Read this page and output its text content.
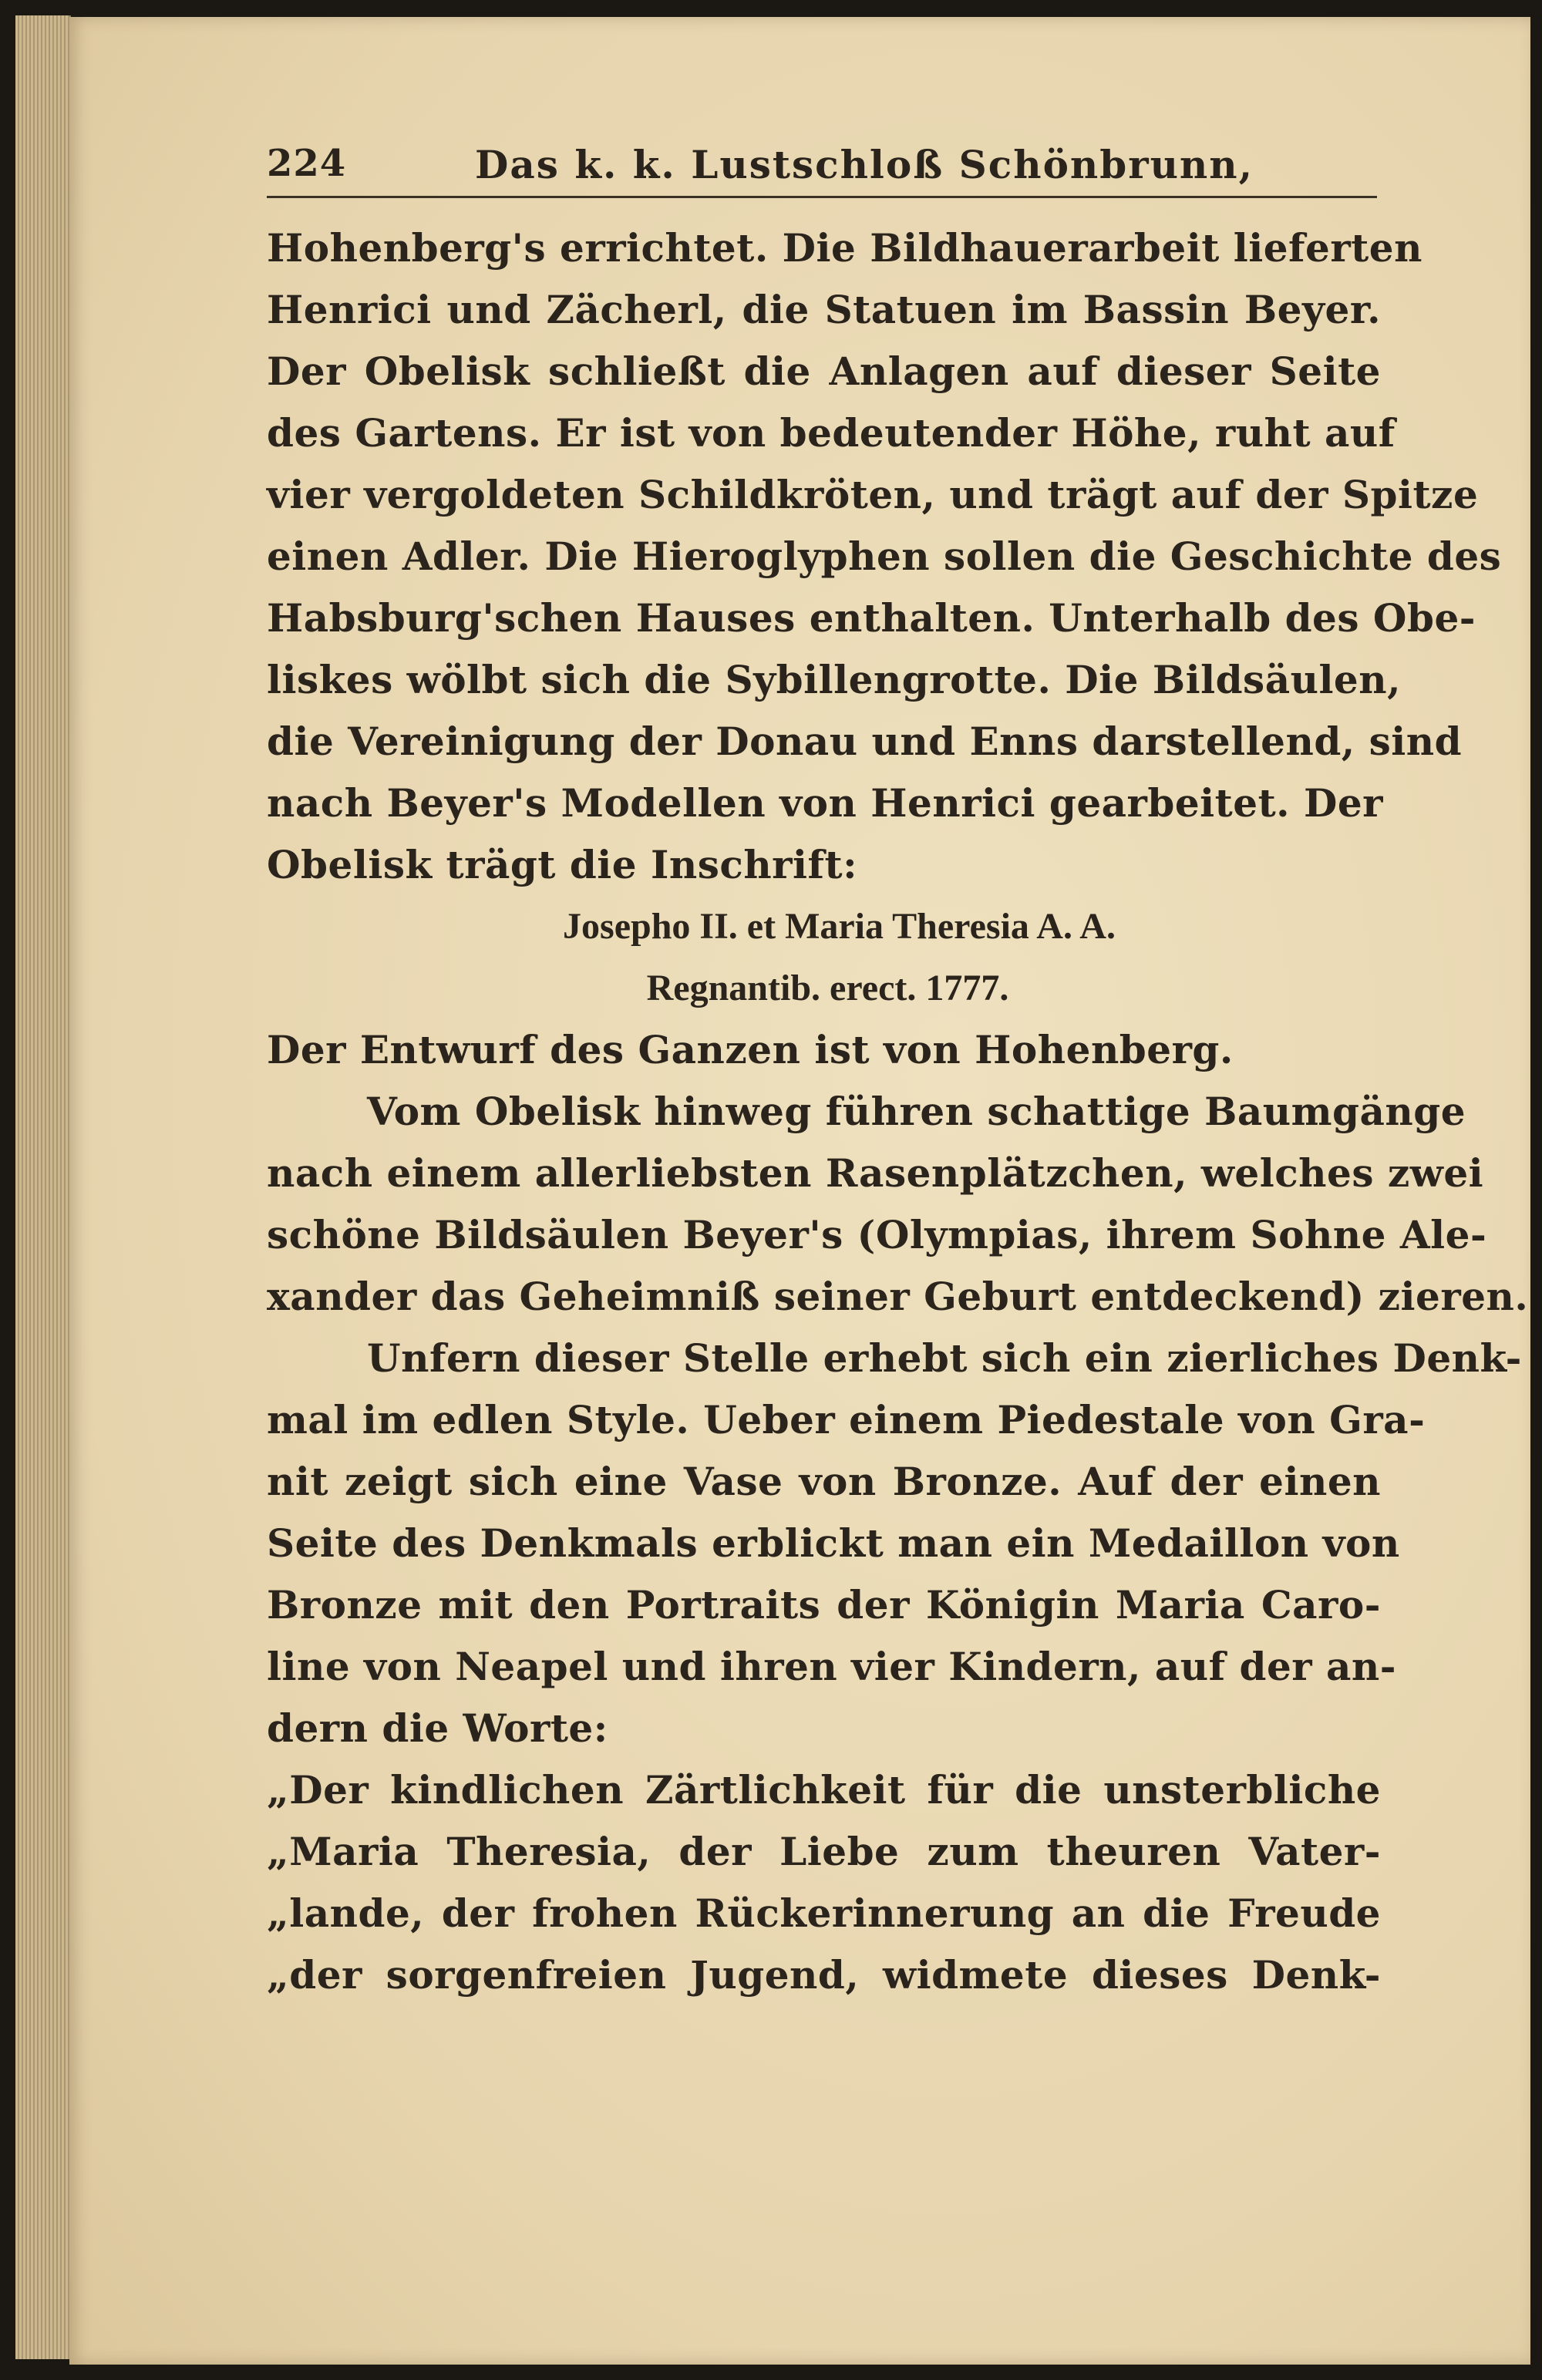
224	Das k. k. Lustschloß Schönbrunn,
Hohenberg's errichtet. Die Bildhauerarbeit lieferten
Henrici und Zächerl, die Statuen im Bassin Beyer.
Der Obelisk schließt die Anlagen auf dieser Seite
des Gartens. Er ist von bedeutender Höhe, ruht auf
vier vergoldeten Schildkröten, und trägt auf der Spitze
einen Adler. Die Hieroglyphen sollen die Geschichte des
Habsburg'schen Hauses enthalten. Unterhalb des Obe-
liskes wölbt sich die Sybillengrotte. Die Bildsäulen,
die Vereinigung der Donau und Enns darstellend, sind
nach Beyer's Modellen von Henrici gearbeitet. Der
Obelisk trägt die Inschrift:
Josepho II. et Maria Theresia A. A.
Regnantib. erect. 1777.
Der Entwurf des Ganzen ist von Hohenberg.
Vom Obelisk hinweg führen schattige Baumgänge
nach einem allerliebsten Rasenplätzchen, welches zwei
schöne Bildsäulen Beyer's (Olympias, ihrem Sohne Ale-
xander das Geheimniß seiner Geburt entdeckend) zieren.
Unfern dieser Stelle erhebt sich ein zierliches Denk-
mal im edlen Style. Ueber einem Piedestale von Gra-
nit zeigt sich eine Vase von Bronze. Auf der einen
Seite des Denkmals erblickt man ein Medaillon von
Bronze mit den Portraits der Königin Maria Caro-
line von Neapel und ihren vier Kindern, auf der an-
dern die Worte:
„Der kindlichen Zärtlichkeit für die unsterbliche
„Maria Theresia, der Liebe zum theuren Vater-
„lande, der frohen Rückerinnerung an die Freude
„der sorgenfreien Jugend, widmete dieses Denk-
